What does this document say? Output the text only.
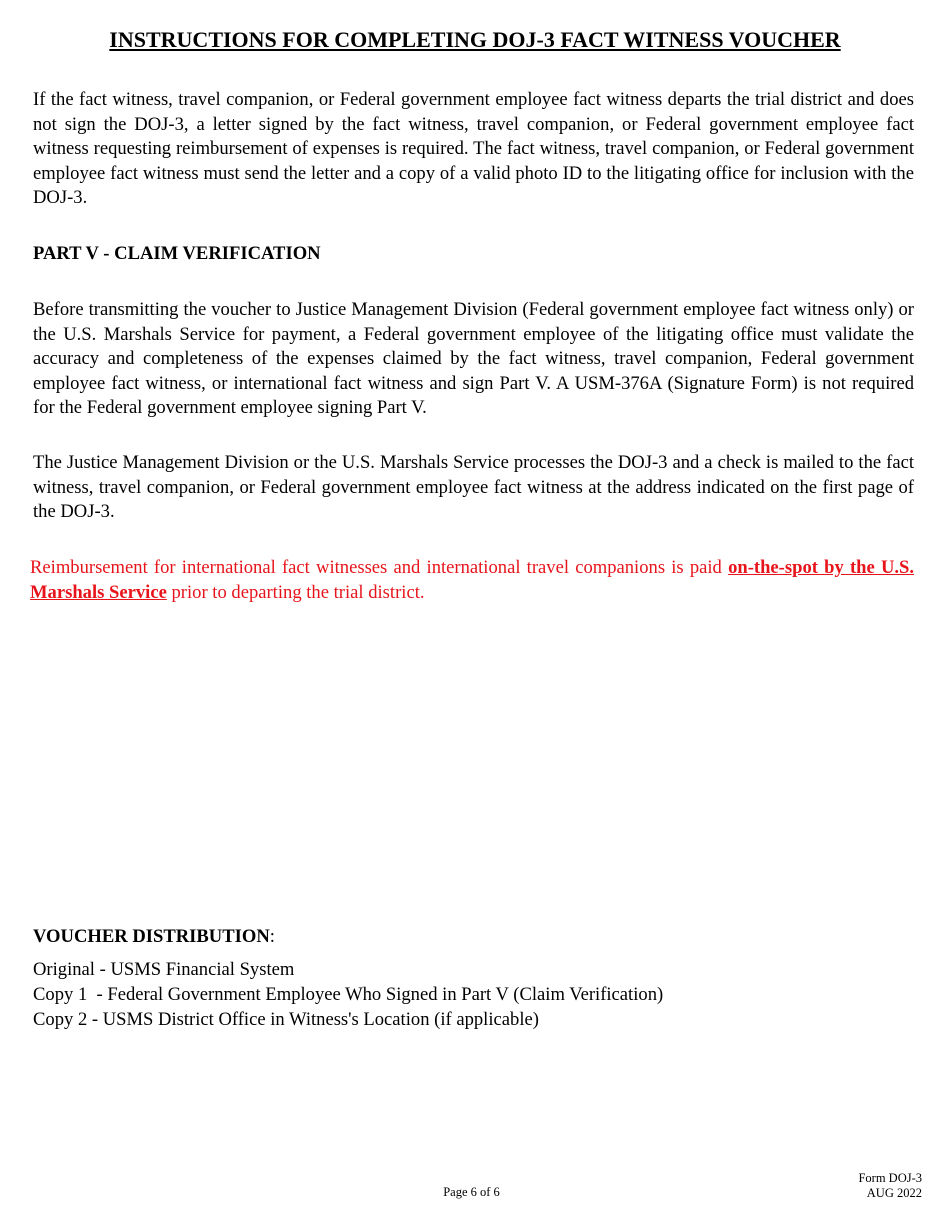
INSTRUCTIONS FOR COMPLETING DOJ-3 FACT WITNESS VOUCHER

If the fact witness, travel companion, or Federal government employee fact witness departs the trial district and does not sign the DOJ-3, a letter signed by the fact witness, travel companion, or Federal government employee fact witness requesting reimbursement of expenses is required. The fact witness, travel companion, or Federal government employee fact witness must send the letter and a copy of a valid photo ID to the litigating office for inclusion with the DOJ-3.

PART V - CLAIM VERIFICATION

Before transmitting the voucher to Justice Management Division (Federal government employee fact witness only) or the U.S. Marshals Service for payment, a Federal government employee of the litigating office must validate the accuracy and completeness of the expenses claimed by the fact witness, travel companion, Federal government employee fact witness, or international fact witness and sign Part V. A USM-376A (Signature Form) is not required for the Federal government employee signing Part V.

The Justice Management Division or the U.S. Marshals Service processes the DOJ-3 and a check is mailed to the fact witness, travel companion, or Federal government employee fact witness at the address indicated on the first page of the DOJ-3.

Reimbursement for international fact witnesses and international travel companions is paid on-the-spot by the U.S. Marshals Service prior to departing the trial district.

VOUCHER DISTRIBUTION:

Original - USMS Financial System
Copy 1  - Federal Government Employee Who Signed in Part V (Claim Verification)
Copy 2 - USMS District Office in Witness's Location (if applicable)
Page 6 of 6
Form DOJ-3
AUG 2022
